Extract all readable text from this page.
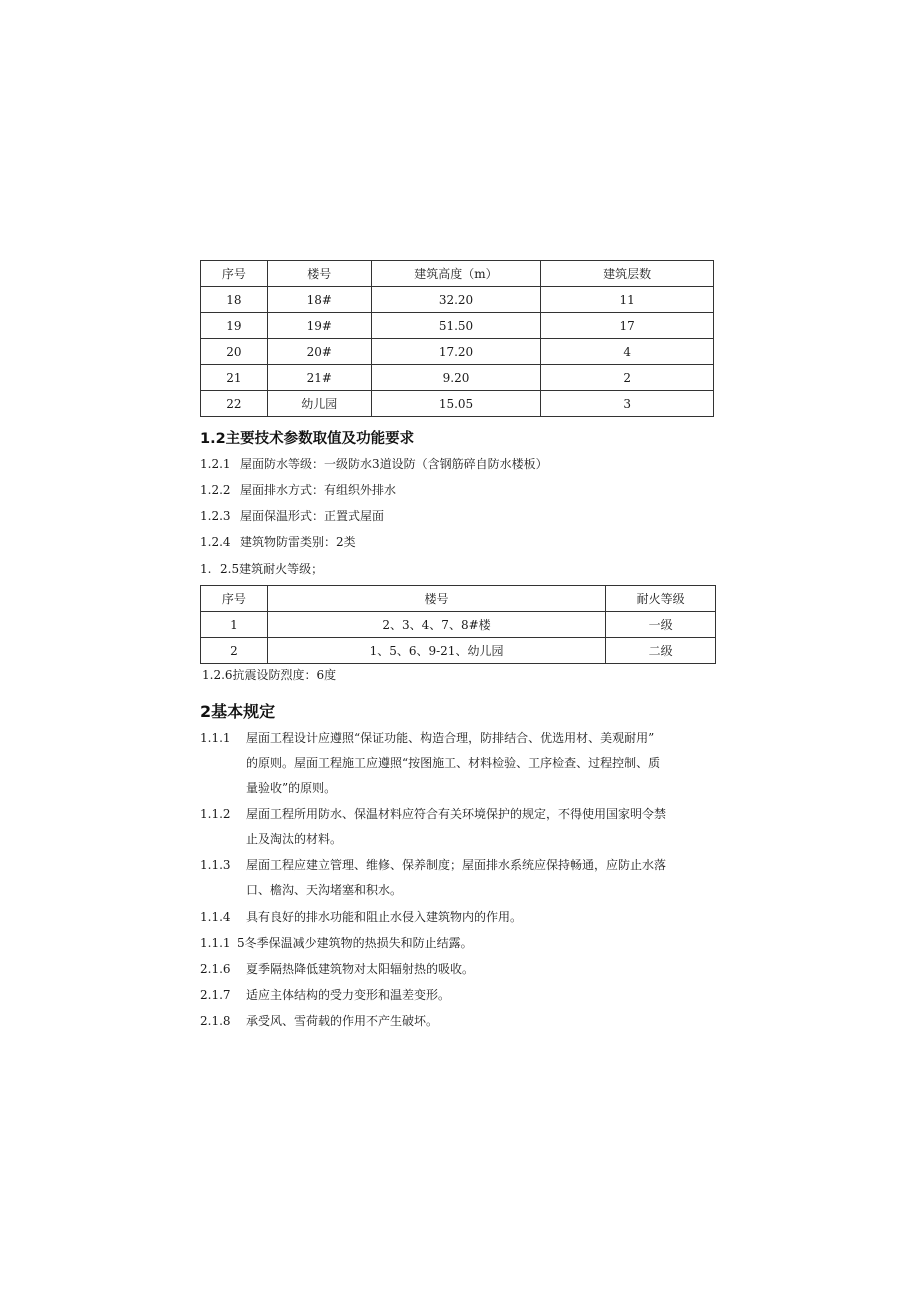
序号	楼号	建筑高度（m）	建筑层数
18	18#	32.20	11
19	19#	51.50	17
20	20#	17.20	4
21	21#	9.20	2
22	幼儿园	15.05	3
1.2主要技术参数取值及功能要求
1.2.1 屋面防水等级：一级防水3道设防（含钢筋碎自防水楼板）
1.2.2 屋面排水方式：有组织外排水
1.2.3 屋面保温形式：正置式屋面
1.2.4 建筑物防雷类别：2类
1. 2.5建筑耐火等级；
序号	楼号	耐火等级
1	2、3、4、7、8#楼	一级
2	1、5、6、9-21、幼儿园	二级
1.2.6抗震设防烈度：6度
2基本规定
1.1.1 屋面工程设计应遵照“保证功能、构造合理，防排结合、优选用材、美观耐用”
的原则。屋面工程施工应遵照“按图施工、材料检验、工序检查、过程控制、质
量验收”的原则。
1.1.2 屋面工程所用防水、保温材料应符合有关环境保护的规定，不得使用国家明令禁
止及淘汰的材料。
1.1.3 屋面工程应建立管理、维修、保养制度；屋面排水系统应保持畅通，应防止水落
口、檐沟、天沟堵塞和积水。
1.1.4 具有良好的排水功能和阻止水侵入建筑物内的作用。
1.1.1 5冬季保温减少建筑物的热损失和防止结露。
2.1.6 夏季隔热降低建筑物对太阳辐射热的吸收。
2.1.7 适应主体结构的受力变形和温差变形。
2.1.8 承受风、雪荷载的作用不产生破坏。
